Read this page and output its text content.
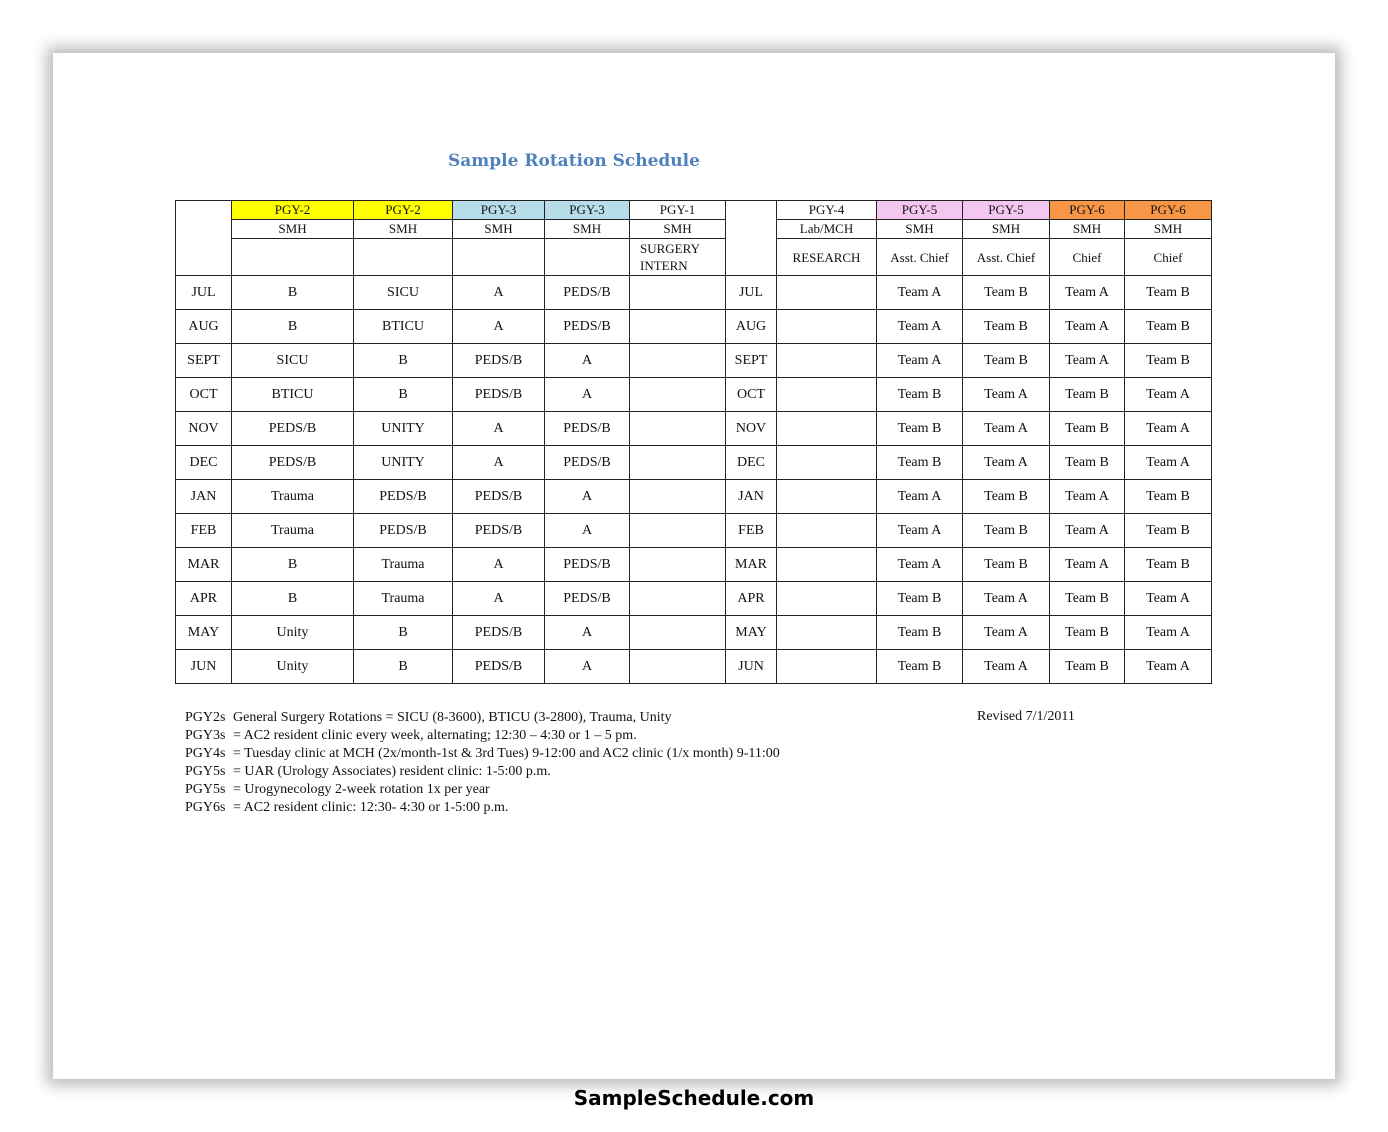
Sample Rotation Schedule
	PGY-2	PGY-2	PGY-3	PGY-3	PGY-1		PGY-4	PGY-5	PGY-5	PGY-6	PGY-6
	SMH	SMH	SMH	SMH	SMH		Lab/MCH	SMH	SMH	SMH	SMH
					SURGERY INTERN		RESEARCH	Asst. Chief	Asst. Chief	Chief	Chief
JUL	B	SICU	A	PEDS/B		JUL		Team A	Team B	Team A	Team B
AUG	B	BTICU	A	PEDS/B		AUG		Team A	Team B	Team A	Team B
SEPT	SICU	B	PEDS/B	A		SEPT		Team A	Team B	Team A	Team B
OCT	BTICU	B	PEDS/B	A		OCT		Team B	Team A	Team B	Team A
NOV	PEDS/B	UNITY	A	PEDS/B		NOV		Team B	Team A	Team B	Team A
DEC	PEDS/B	UNITY	A	PEDS/B		DEC		Team B	Team A	Team B	Team A
JAN	Trauma	PEDS/B	PEDS/B	A		JAN		Team A	Team B	Team A	Team B
FEB	Trauma	PEDS/B	PEDS/B	A		FEB		Team A	Team B	Team A	Team B
MAR	B	Trauma	A	PEDS/B		MAR		Team A	Team B	Team A	Team B
APR	B	Trauma	A	PEDS/B		APR		Team B	Team A	Team B	Team A
MAY	Unity	B	PEDS/B	A		MAY		Team B	Team A	Team B	Team A
JUN	Unity	B	PEDS/B	A		JUN		Team B	Team A	Team B	Team A
PGY2s General Surgery Rotations = SICU (8-3600), BTICU (3-2800), Trauma, Unity
PGY3s = AC2 resident clinic every week, alternating; 12:30 – 4:30 or 1 – 5 pm.
PGY4s = Tuesday clinic at MCH (2x/month-1st & 3rd Tues) 9-12:00 and AC2 clinic (1/x month) 9-11:00
PGY5s = UAR (Urology Associates) resident clinic: 1-5:00 p.m.
PGY5s = Urogynecology 2-week rotation 1x per year
PGY6s = AC2 resident clinic: 12:30- 4:30 or 1-5:00 p.m.
Revised 7/1/2011
SampleSchedule.com
